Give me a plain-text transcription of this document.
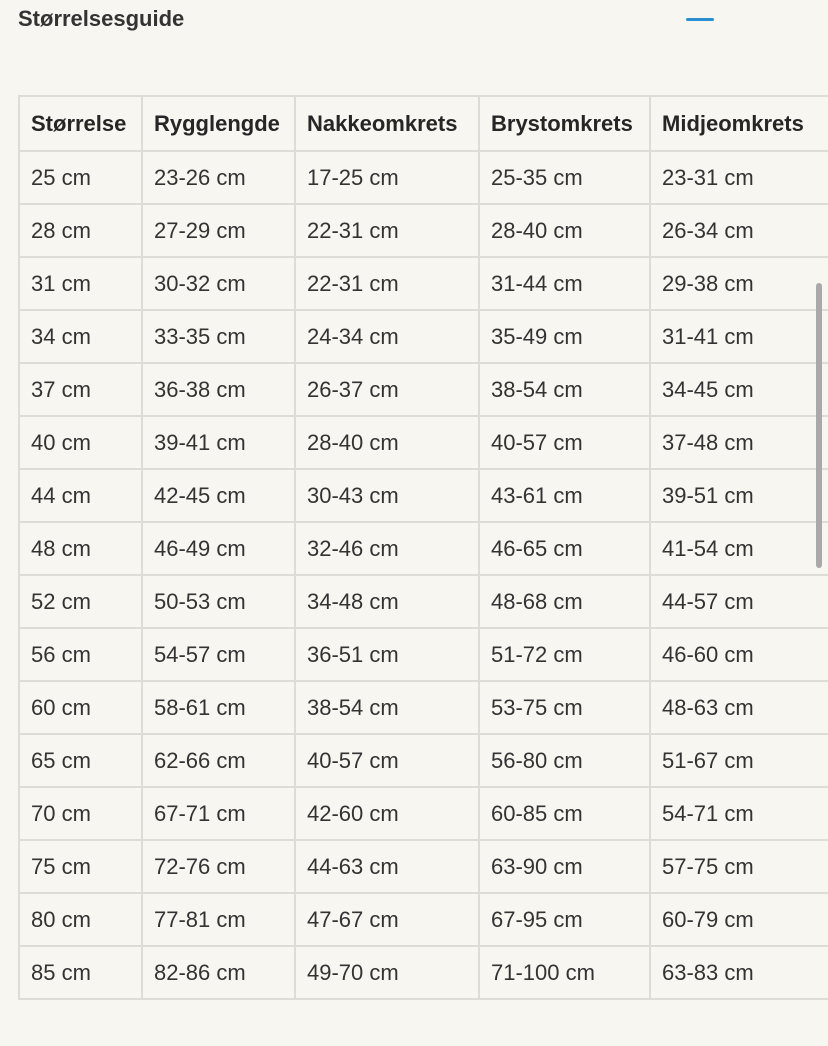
Størrelsesguide
Størrelse	Rygglengde	Nakkeomkrets	Brystomkrets	Midjeomkrets
25 cm	23-26 cm	17-25 cm	25-35 cm	23-31 cm
28 cm	27-29 cm	22-31 cm	28-40 cm	26-34 cm
31 cm	30-32 cm	22-31 cm	31-44 cm	29-38 cm
34 cm	33-35 cm	24-34 cm	35-49 cm	31-41 cm
37 cm	36-38 cm	26-37 cm	38-54 cm	34-45 cm
40 cm	39-41 cm	28-40 cm	40-57 cm	37-48 cm
44 cm	42-45 cm	30-43 cm	43-61 cm	39-51 cm
48 cm	46-49 cm	32-46 cm	46-65 cm	41-54 cm
52 cm	50-53 cm	34-48 cm	48-68 cm	44-57 cm
56 cm	54-57 cm	36-51 cm	51-72 cm	46-60 cm
60 cm	58-61 cm	38-54 cm	53-75 cm	48-63 cm
65 cm	62-66 cm	40-57 cm	56-80 cm	51-67 cm
70 cm	67-71 cm	42-60 cm	60-85 cm	54-71 cm
75 cm	72-76 cm	44-63 cm	63-90 cm	57-75 cm
80 cm	77-81 cm	47-67 cm	67-95 cm	60-79 cm
85 cm	82-86 cm	49-70 cm	71-100 cm	63-83 cm
